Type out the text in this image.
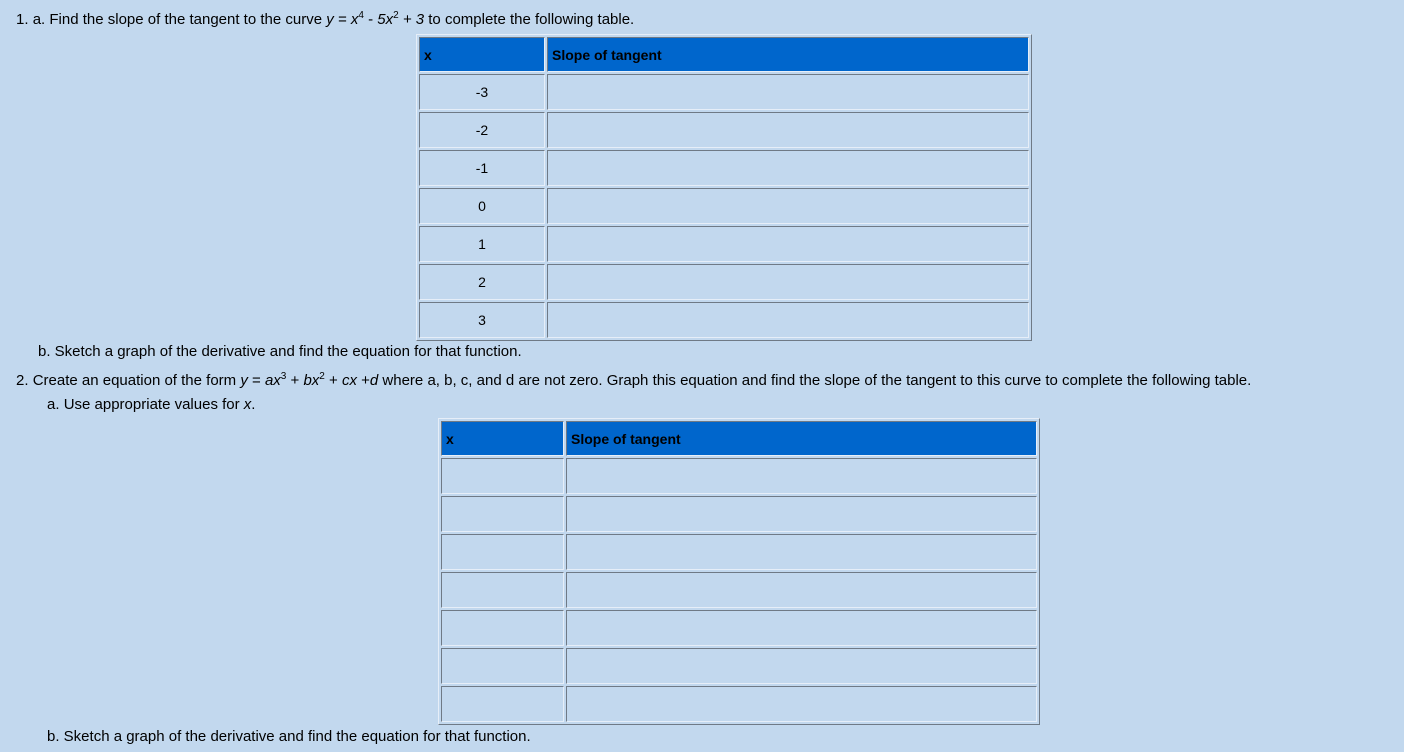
1. a. Find the slope of the tangent to the curve $y = x^4 - 5x^2 + 3$ to complete the following table.
x	Slope of tangent
-3	
-2	
-1	
0	
1	
2	
3	
b. Sketch a graph of the derivative and find the equation for that function.
2. Create an equation of the form $y = ax^3 + bx^2$ + cx +d where a, b, c, and d are not zero. Graph this equation and find the slope of the tangent to this curve to complete the following table.
a. Use appropriate values for x.
x	Slope of tangent

b. Sketch a graph of the derivative and find the equation for that function.
